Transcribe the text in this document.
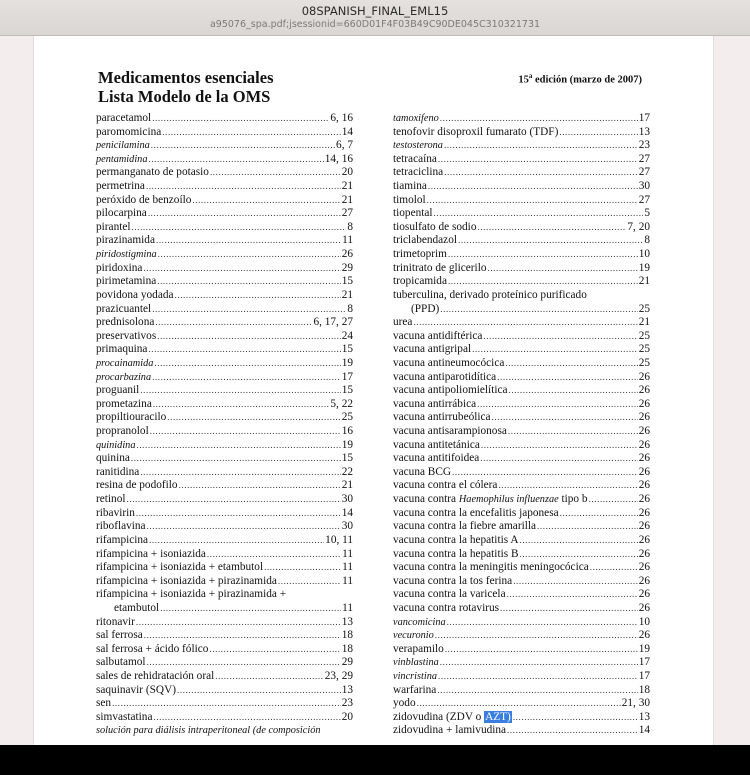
08SPANISH_FINAL_EML15
a95076_spa.pdf;jsessionid=660D01F4F03B49C90DE045C310321731
Medicamentos esenciales
Lista Modelo de la OMS
15$^a$ edición (marzo de 2007)
paracetamol .....	6, 16
paromomicina .....	14
penicilamina .....	6, 7
pentamidina .....	14, 16
permanganato de potasio .....	20
permetrina .....	21
peróxido de benzoílo .....	21
pilocarpina .....	27
pirantel .....	8
pirazinamida .....	11
piridostigmina .....	26
piridoxina .....	29
pirimetamina .....	15
povidona yodada .....	21
prazicuantel .....	8
prednisolona .....	6, 17, 27
preservativos .....	24
primaquina .....	15
procainamida .....	19
procarbazina .....	17
proguanil .....	15
prometazina .....	5, 22
propiltiouracilo .....	25
propranolol .....	16
quinidina .....	19
quinina .....	15
ranitidina .....	22
resina de podofilo .....	21
retinol .....	30
ribavirin .....	14
riboflavina .....	30
rifampicina .....	10, 11
rifampicina + isoniazida .....	11
rifampicina + isoniazida + etambutol .....	11
rifampicina + isoniazida + pirazinamida .....	11
rifampicina + isoniazida + pirazinamida +
etambutol .....	11
ritonavir .....	13
sal ferrosa .....	18
sal ferrosa + ácido fólico .....	18
salbutamol .....	29
sales de rehidratación oral .....	23, 29
saquinavir (SQV) .....	13
sen .....	23
simvastatina .....	20
solución para diálisis intraperitoneal (de composición
tamoxifeno .....	17
tenofovir disoproxil fumarato (TDF) .....	13
testosterona .....	23
tetracaína .....	27
tetraciclina .....	27
tiamina .....	30
timolol .....	27
tiopental .....	5
tiosulfato de sodio .....	7, 20
triclabendazol .....	8
trimetoprim .....	10
trinitrato de glicerilo .....	19
tropicamida .....	21
tuberculina, derivado proteínico purificado
(PPD) .....	25
urea .....	21
vacuna antidiftérica .....	25
vacuna antigripal .....	25
vacuna antineumocócica .....	25
vacuna antiparotidítica .....	26
vacuna antipoliomielítica .....	26
vacuna antirrábica .....	26
vacuna antirrubeólica .....	26
vacuna antisarampionosa .....	26
vacuna antitetánica .....	26
vacuna antitifoidea .....	26
vacuna BCG .....	26
vacuna contra el cólera .....	26
vacuna contra Haemophilus influenzae tipo b .....	26
vacuna contra la encefalitis japonesa .....	26
vacuna contra la fiebre amarilla .....	26
vacuna contra la hepatitis A .....	26
vacuna contra la hepatitis B .....	26
vacuna contra la meningitis meningocócica .....	26
vacuna contra la tos ferina .....	26
vacuna contra la varicela .....	26
vacuna contra rotavirus .....	26
vancomicina .....	10
vecuronio .....	26
verapamilo .....	19
vinblastina .....	17
vincristina .....	17
warfarina .....	18
yodo .....	21, 30
zidovudina (ZDV o AZT) .....	13
zidovudina + lamivudina .....	14
